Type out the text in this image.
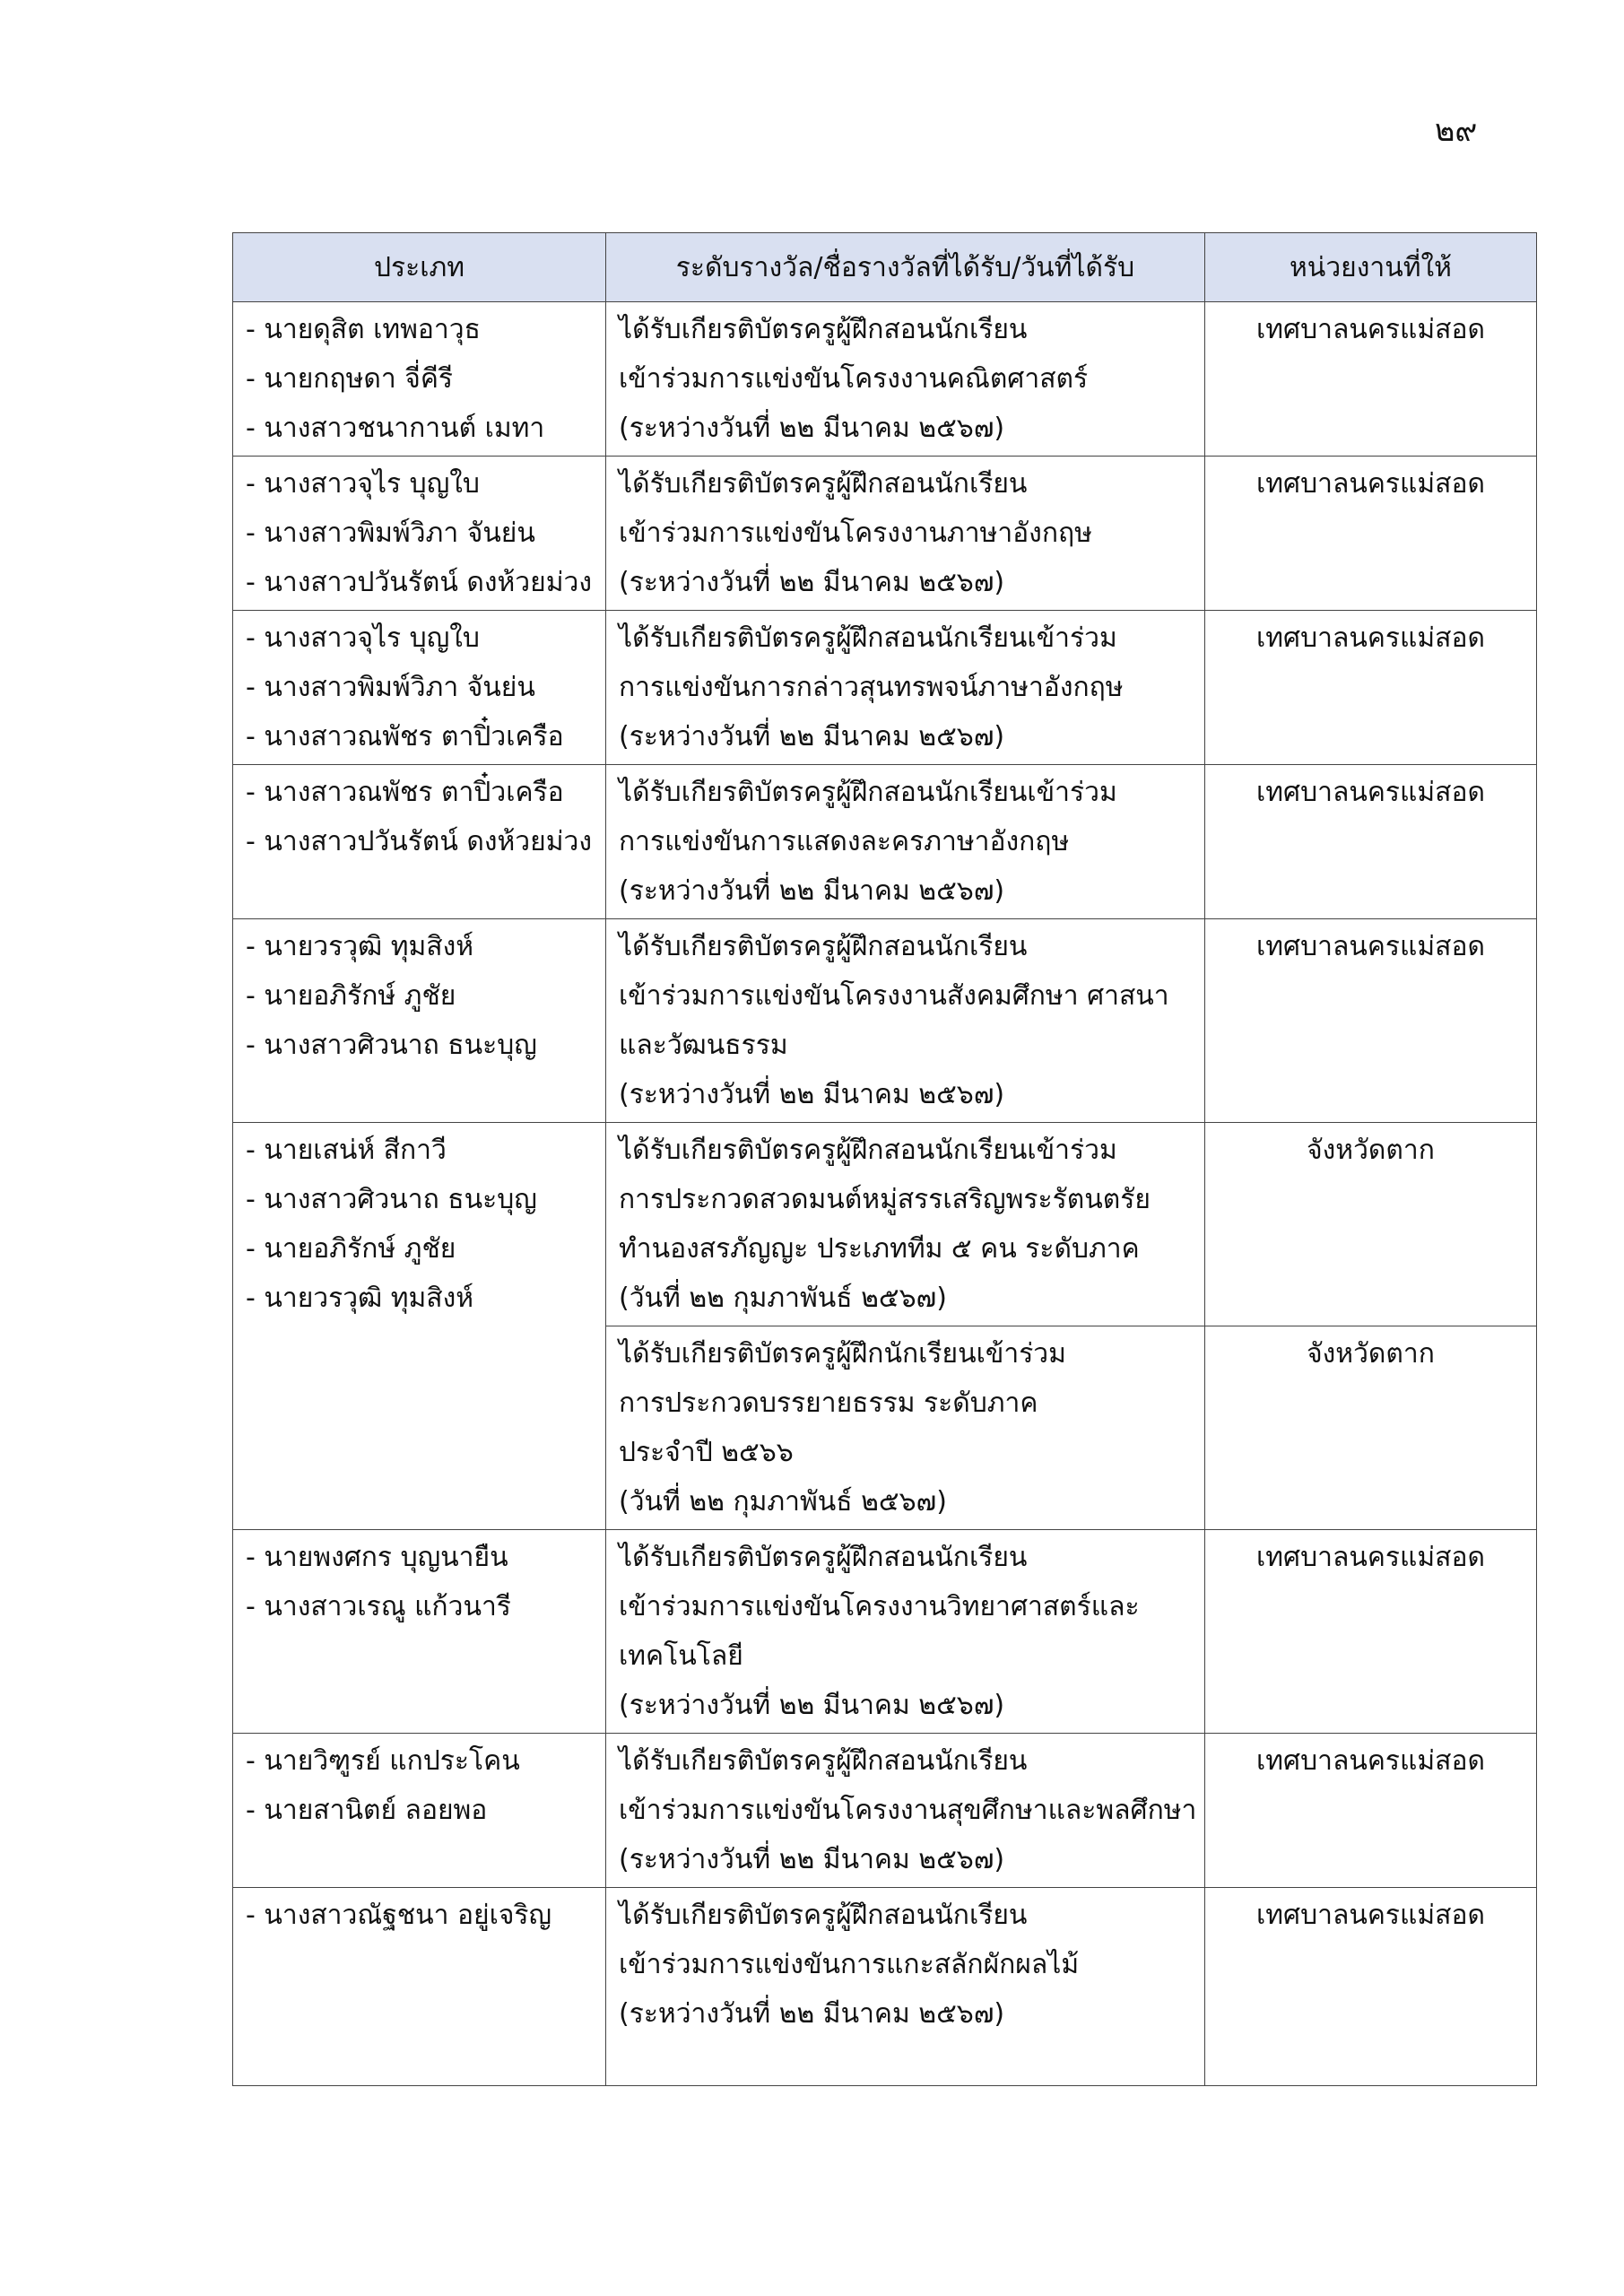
๒๙
ประเภท	ระดับรางวัล/ชื่อรางวัลที่ได้รับ/วันที่ได้รับ	หน่วยงานที่ให้

- นายดุสิต เทพอาวุธ
- นายกฤษดา จี่คีรี
- นางสาวชนากานต์ เมทา	ได้รับเกียรติบัตรครูผู้ฝึกสอนนักเรียน
เข้าร่วมการแข่งขันโครงงานคณิตศาสตร์
(ระหว่างวันที่ ๒๒ มีนาคม ๒๕๖๗)	เทศบาลนครแม่สอด

- นางสาวจุไร บุญใบ
- นางสาวพิมพ์วิภา จันย่น
- นางสาวปวันรัตน์ ดงห้วยม่วง	ได้รับเกียรติบัตรครูผู้ฝึกสอนนักเรียน
เข้าร่วมการแข่งขันโครงงานภาษาอังกฤษ
(ระหว่างวันที่ ๒๒ มีนาคม ๒๕๖๗)	เทศบาลนครแม่สอด

- นางสาวจุไร บุญใบ
- นางสาวพิมพ์วิภา จันย่น
- นางสาวณพัชร ตาปิ๋วเครือ	ได้รับเกียรติบัตรครูผู้ฝึกสอนนักเรียนเข้าร่วม
การแข่งขันการกล่าวสุนทรพจน์ภาษาอังกฤษ
(ระหว่างวันที่ ๒๒ มีนาคม ๒๕๖๗)	เทศบาลนครแม่สอด

- นางสาวณพัชร ตาปิ๋วเครือ
- นางสาวปวันรัตน์ ดงห้วยม่วง	ได้รับเกียรติบัตรครูผู้ฝึกสอนนักเรียนเข้าร่วม
การแข่งขันการแสดงละครภาษาอังกฤษ
(ระหว่างวันที่ ๒๒ มีนาคม ๒๕๖๗)	เทศบาลนครแม่สอด

- นายวรวุฒิ ทุมสิงห์
- นายอภิรักษ์ ภูชัย
- นางสาวศิวนาถ ธนะบุญ	ได้รับเกียรติบัตรครูผู้ฝึกสอนนักเรียน
เข้าร่วมการแข่งขันโครงงานสังคมศึกษา ศาสนา
และวัฒนธรรม
(ระหว่างวันที่ ๒๒ มีนาคม ๒๕๖๗)	เทศบาลนครแม่สอด

- นายเสน่ห์ สีกาวี
- นางสาวศิวนาถ ธนะบุญ
- นายอภิรักษ์ ภูชัย
- นายวรวุฒิ ทุมสิงห์	ได้รับเกียรติบัตรครูผู้ฝึกสอนนักเรียนเข้าร่วม
การประกวดสวดมนต์หมู่สรรเสริญพระรัตนตรัย
ทำนองสรภัญญะ ประเภททีม ๕ คน ระดับภาค
(วันที่ ๒๒ กุมภาพันธ์ ๒๕๖๗)	จังหวัดตาก

	ได้รับเกียรติบัตรครูผู้ฝึกนักเรียนเข้าร่วม
การประกวดบรรยายธรรม ระดับภาค
ประจำปี ๒๕๖๖
(วันที่ ๒๒ กุมภาพันธ์ ๒๕๖๗)	จังหวัดตาก

- นายพงศกร บุญนายืน
- นางสาวเรณู แก้วนารี	ได้รับเกียรติบัตรครูผู้ฝึกสอนนักเรียน
เข้าร่วมการแข่งขันโครงงานวิทยาศาสตร์และ
เทคโนโลยี
(ระหว่างวันที่ ๒๒ มีนาคม ๒๕๖๗)	เทศบาลนครแม่สอด

- นายวิฑูรย์ แกประโคน
- นายสานิตย์ ลอยพอ	ได้รับเกียรติบัตรครูผู้ฝึกสอนนักเรียน
เข้าร่วมการแข่งขันโครงงานสุขศึกษาและพลศึกษา
(ระหว่างวันที่ ๒๒ มีนาคม ๒๕๖๗)	เทศบาลนครแม่สอด

- นางสาวณัฐชนา อยู่เจริญ	ได้รับเกียรติบัตรครูผู้ฝึกสอนนักเรียน
เข้าร่วมการแข่งขันการแกะสลักผักผลไม้
(ระหว่างวันที่ ๒๒ มีนาคม ๒๕๖๗)	เทศบาลนครแม่สอด
